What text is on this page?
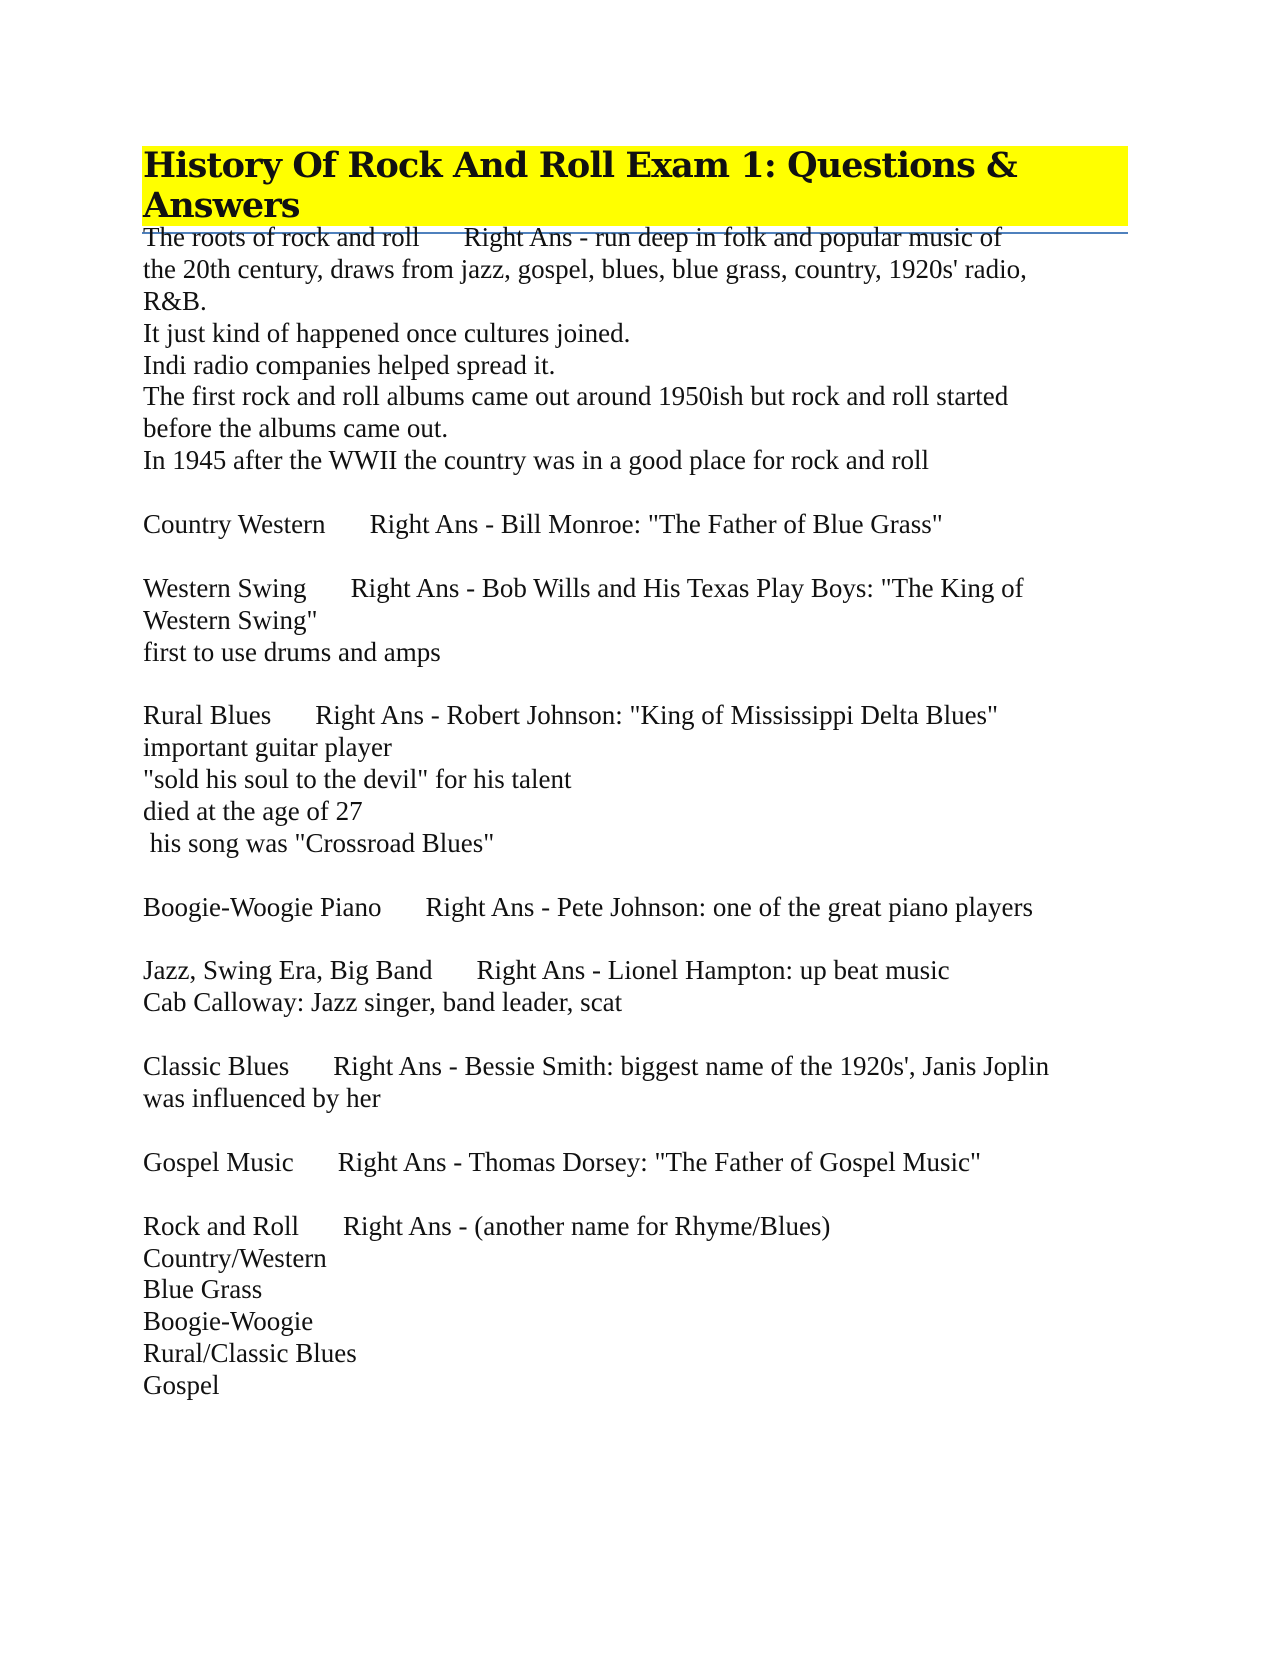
History Of Rock And Roll Exam 1: Questions & Answers
The roots of rock and roll Right Ans - run deep in folk and popular music of
the 20th century, draws from jazz, gospel, blues, blue grass, country, 1920s' radio,
R&B.
It just kind of happened once cultures joined.
Indi radio companies helped spread it.
The first rock and roll albums came out around 1950ish but rock and roll started
before the albums came out.
In 1945 after the WWII the country was in a good place for rock and roll
Country Western Right Ans - Bill Monroe: "The Father of Blue Grass"
Western Swing Right Ans - Bob Wills and His Texas Play Boys: "The King of
Western Swing"
first to use drums and amps
Rural Blues Right Ans - Robert Johnson: "King of Mississippi Delta Blues"
important guitar player
"sold his soul to the devil" for his talent
died at the age of 27
his song was "Crossroad Blues"
Boogie-Woogie Piano Right Ans - Pete Johnson: one of the great piano players
Jazz, Swing Era, Big Band Right Ans - Lionel Hampton: up beat music
Cab Calloway: Jazz singer, band leader, scat
Classic Blues Right Ans - Bessie Smith: biggest name of the 1920s', Janis Joplin
was influenced by her
Gospel Music Right Ans - Thomas Dorsey: "The Father of Gospel Music"
Rock and Roll Right Ans - (another name for Rhyme/Blues)
Country/Western
Blue Grass
Boogie-Woogie
Rural/Classic Blues
Gospel
